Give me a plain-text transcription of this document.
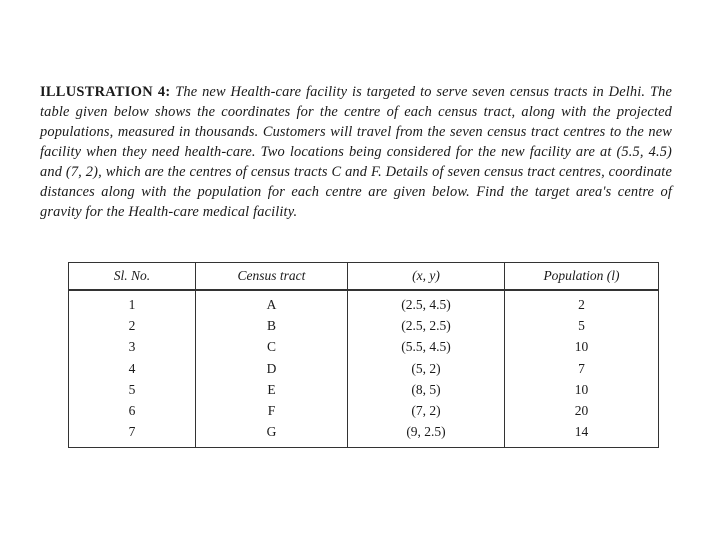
ILLUSTRATION 4: The new Health-care facility is targeted to serve seven census tracts in Delhi. The table given below shows the coordinates for the centre of each census tract, along with the projected populations, measured in thousands. Customers will travel from the seven census tract centres to the new facility when they need health-care. Two locations being considered for the new facility are at (5.5, 4.5) and (7, 2), which are the centres of census tracts C and F. Details of seven census tract centres, coordinate distances along with the population for each centre are given below. Find the target area's centre of gravity for the Health-care medical facility.

Sl. No.	Census tract	(x, y)	Population (l)
1	A	(2.5, 4.5)	2
2	B	(2.5, 2.5)	5
3	C	(5.5, 4.5)	10
4	D	(5, 2)	7
5	E	(8, 5)	10
6	F	(7, 2)	20
7	G	(9, 2.5)	14
